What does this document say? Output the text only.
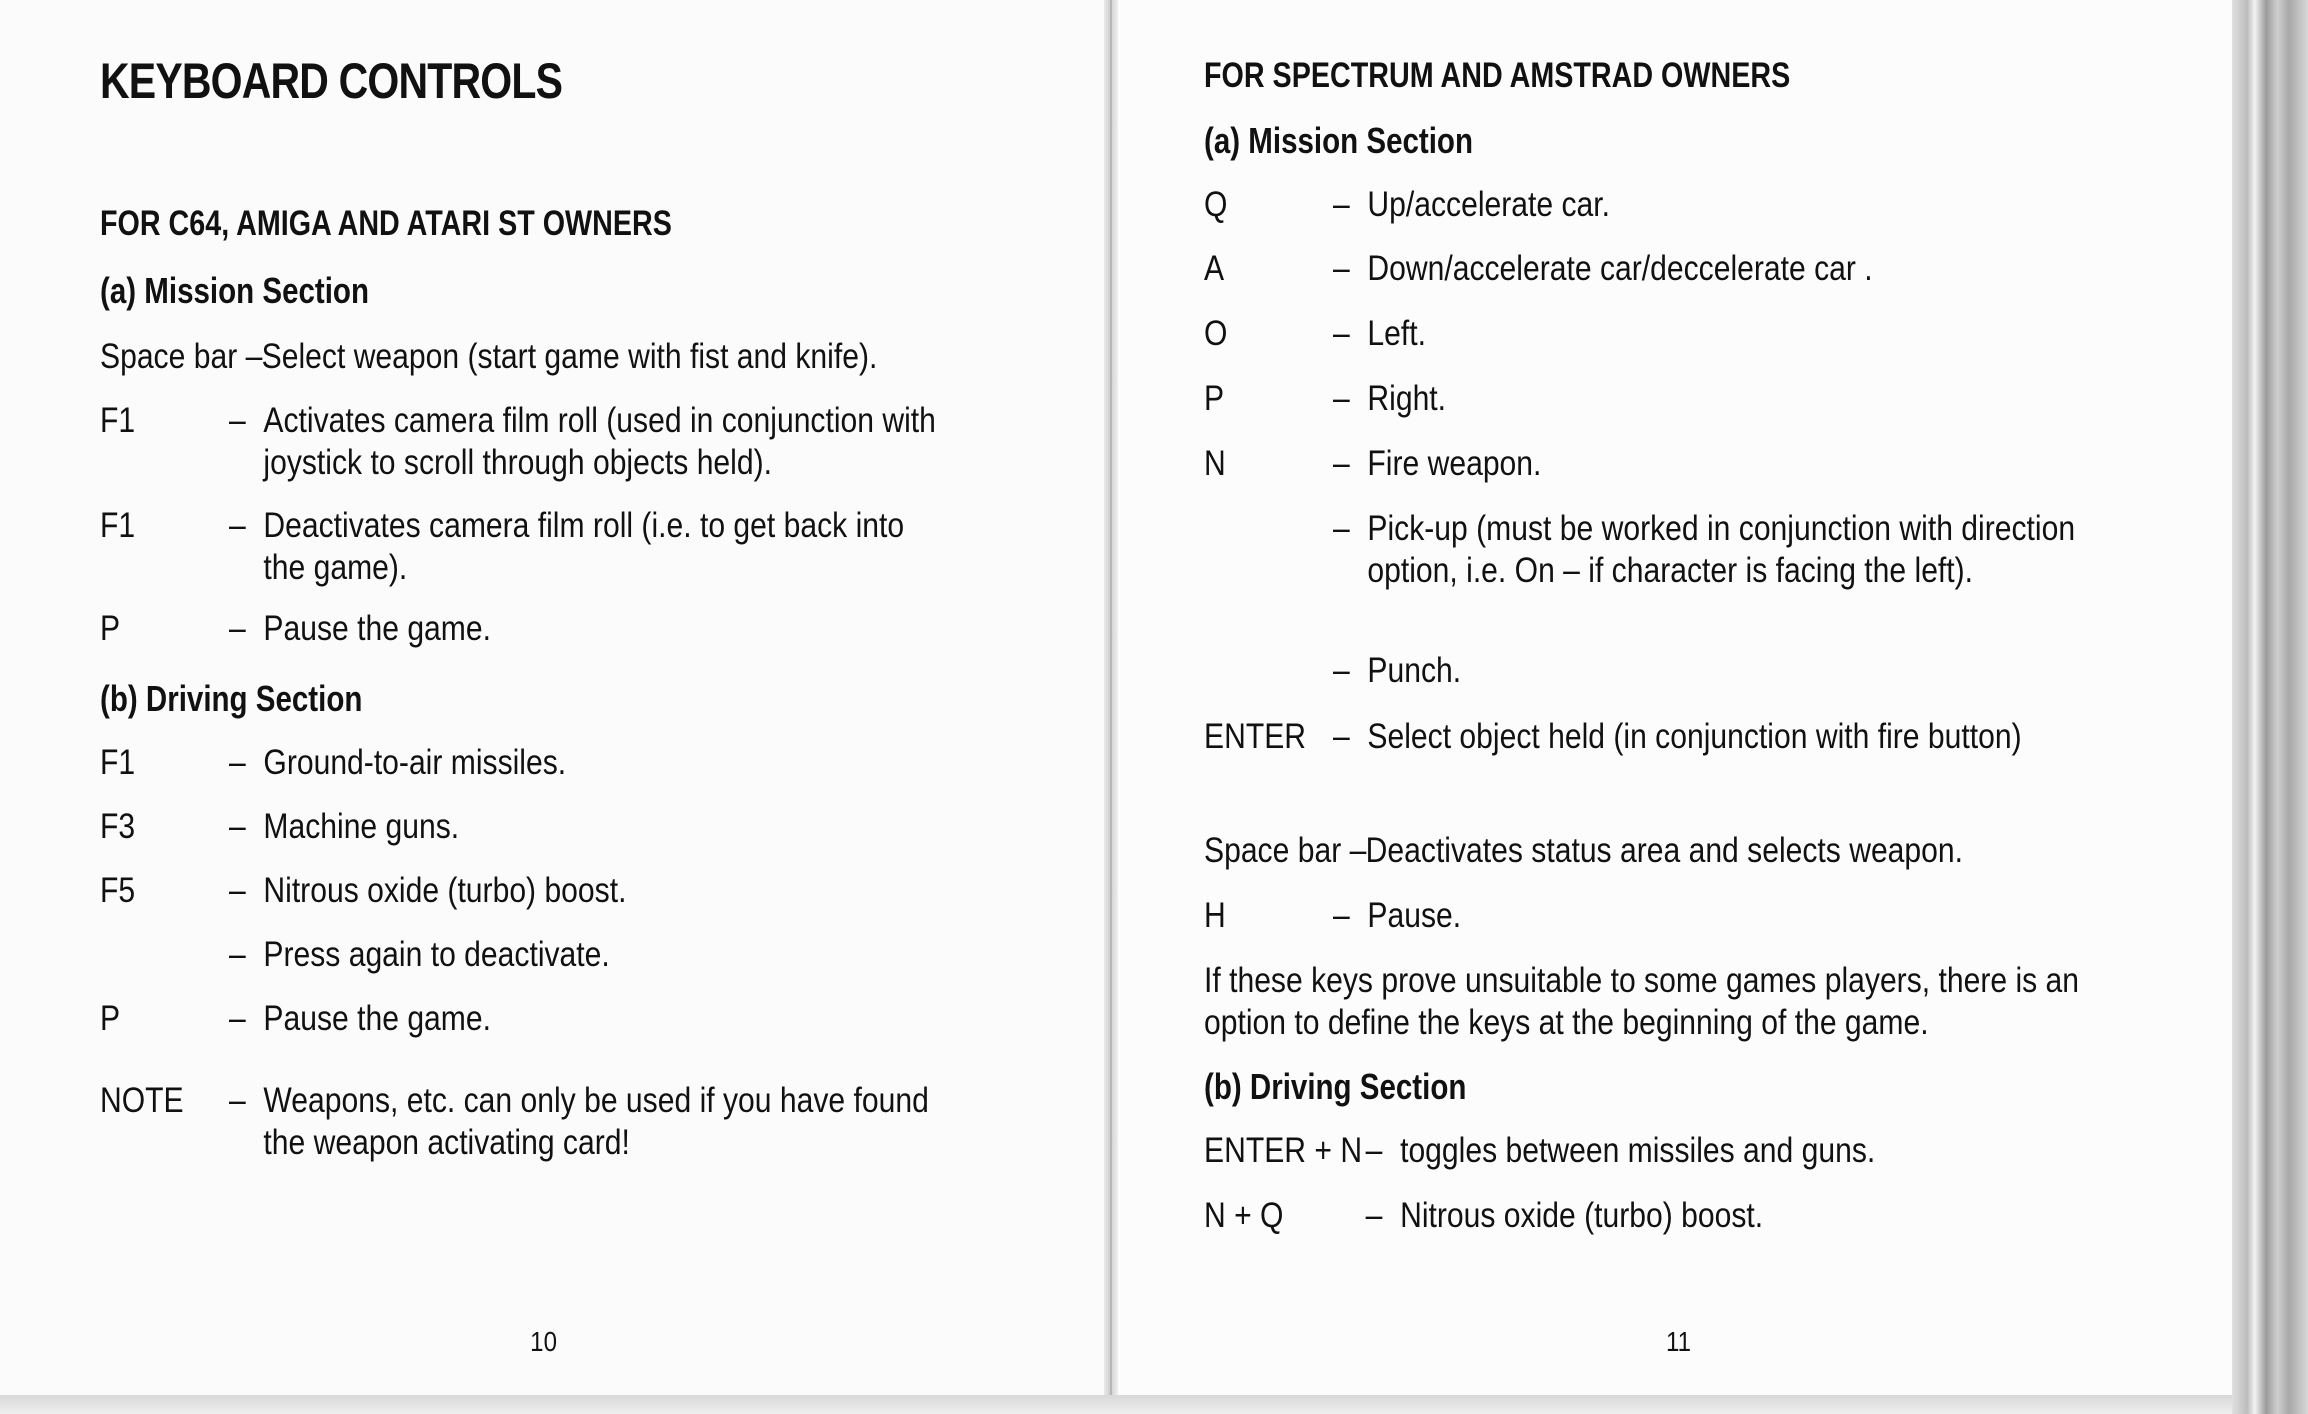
KEYBOARD CONTROLS
FOR C64, AMIGA AND ATARI ST OWNERS
(a) Mission Section
Space bar – Select weapon (start game with fist and knife).
F1	– Activates camera film roll (used in conjunction with joystick to scroll through objects held).
F1	– Deactivates camera film roll (i.e. to get back into the game).
P	– Pause the game.
(b) Driving Section
F1	– Ground-to-air missiles.
F3	– Machine guns.
F5	– Nitrous oxide (turbo) boost.
– Press again to deactivate.
P	– Pause the game.
NOTE – Weapons, etc. can only be used if you have found the weapon activating card!
10
FOR SPECTRUM AND AMSTRAD OWNERS
(a) Mission Section
Q	– Up/accelerate car.
A	– Down/accelerate car/deccelerate car .
O	– Left.
P	– Right.
N	– Fire weapon.
– Pick-up (must be worked in conjunction with direction option, i.e. On – if character is facing the left).
– Punch.
ENTER – Select object held (in conjunction with fire button)
Space bar – Deactivates status area and selects weapon.
H	– Pause.
If these keys prove unsuitable to some games players, there is an option to define the keys at the beginning of the game.
(b) Driving Section
ENTER + N – toggles between missiles and guns.
N + Q – Nitrous oxide (turbo) boost.
11
